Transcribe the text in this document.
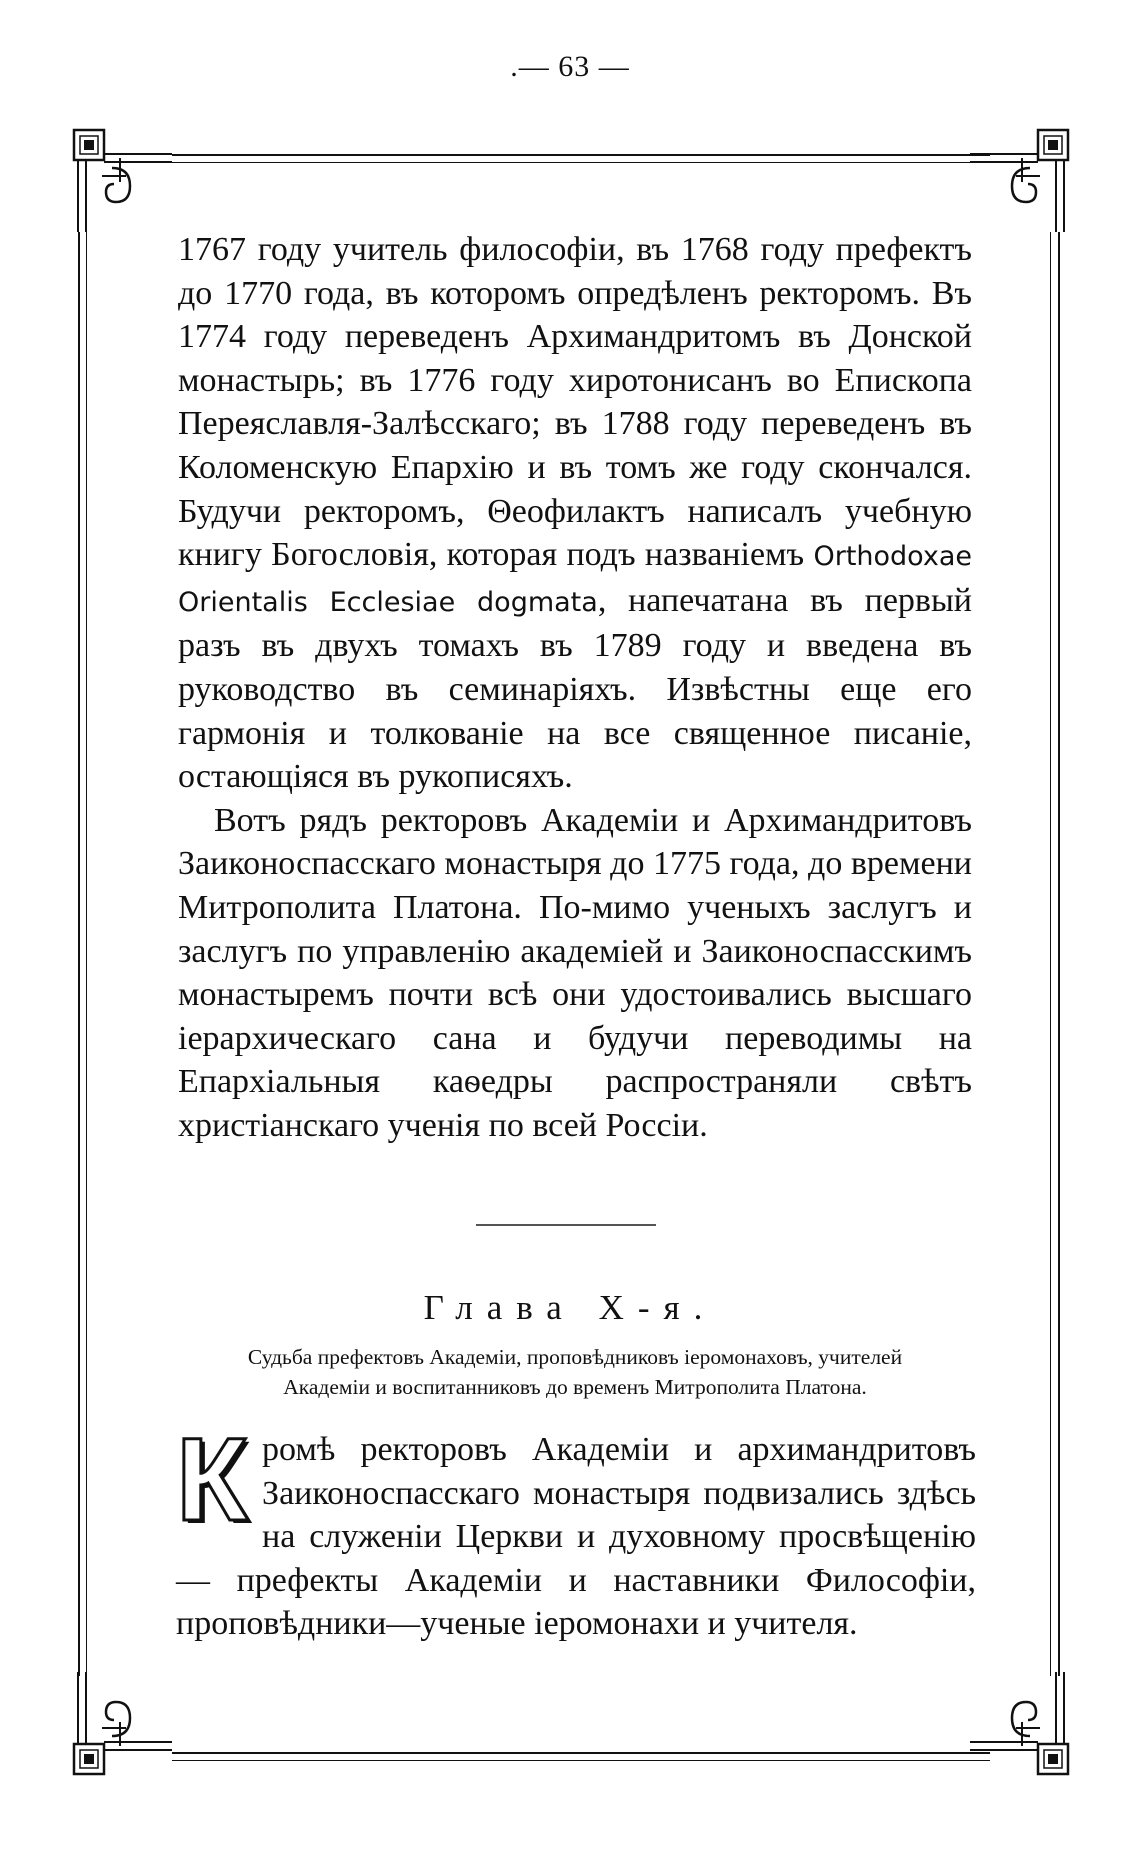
.— 63 —

1767 году учитель философіи, въ 1768 году префектъ до 1770 года, въ которомъ опредѣленъ ректоромъ. Въ 1774 году переведенъ Архимандритомъ въ Донской монастырь; въ 1776 году хиротонисанъ во Епископа Переяславля-Залѣсскаго; въ 1788 году переведенъ въ Коломенскую Епархію и въ томъ же году скончался. Будучи ректоромъ, Θеофилактъ написалъ учебную книгу Богословія, которая подъ названіемъ Orthodoxae Orientalis Ecclesiae dogmata, напечатана въ первый разъ въ двухъ томахъ въ 1789 году и введена въ руководство въ семинаріяхъ. Извѣстны еще его гармонія и толкованіе на все священное писаніе, остающіяся въ рукописяхъ.

Вотъ рядъ ректоровъ Академіи и Архимандритовъ Заиконоспасскаго монастыря до 1775 года, до времени Митрополита Платона. По-мимо ученыхъ заслугъ и заслугъ по управленію академіей и Заиконоспасскимъ монастыремъ почти всѣ они удостоивались высшаго іерархическаго сана и будучи переводимы на Епархіальныя каѳедры распространяли свѣтъ христіанскаго ученія по всей Россіи.

Глава Х-я.
Судьба префектовъ Академіи, проповѣдниковъ іеромонаховъ, учителей
Академіи и воспитанниковъ до временъ Митрополита Платона.
К ромѣ ректоровъ Академіи и архимандритовъ Заиконоспасскаго монастыря подвизались здѣсь на служеніи Церкви и духовному просвѣщенію— префекты Академіи и наставники Философіи, проповѣдники—ученые іеромонахи и учителя.
